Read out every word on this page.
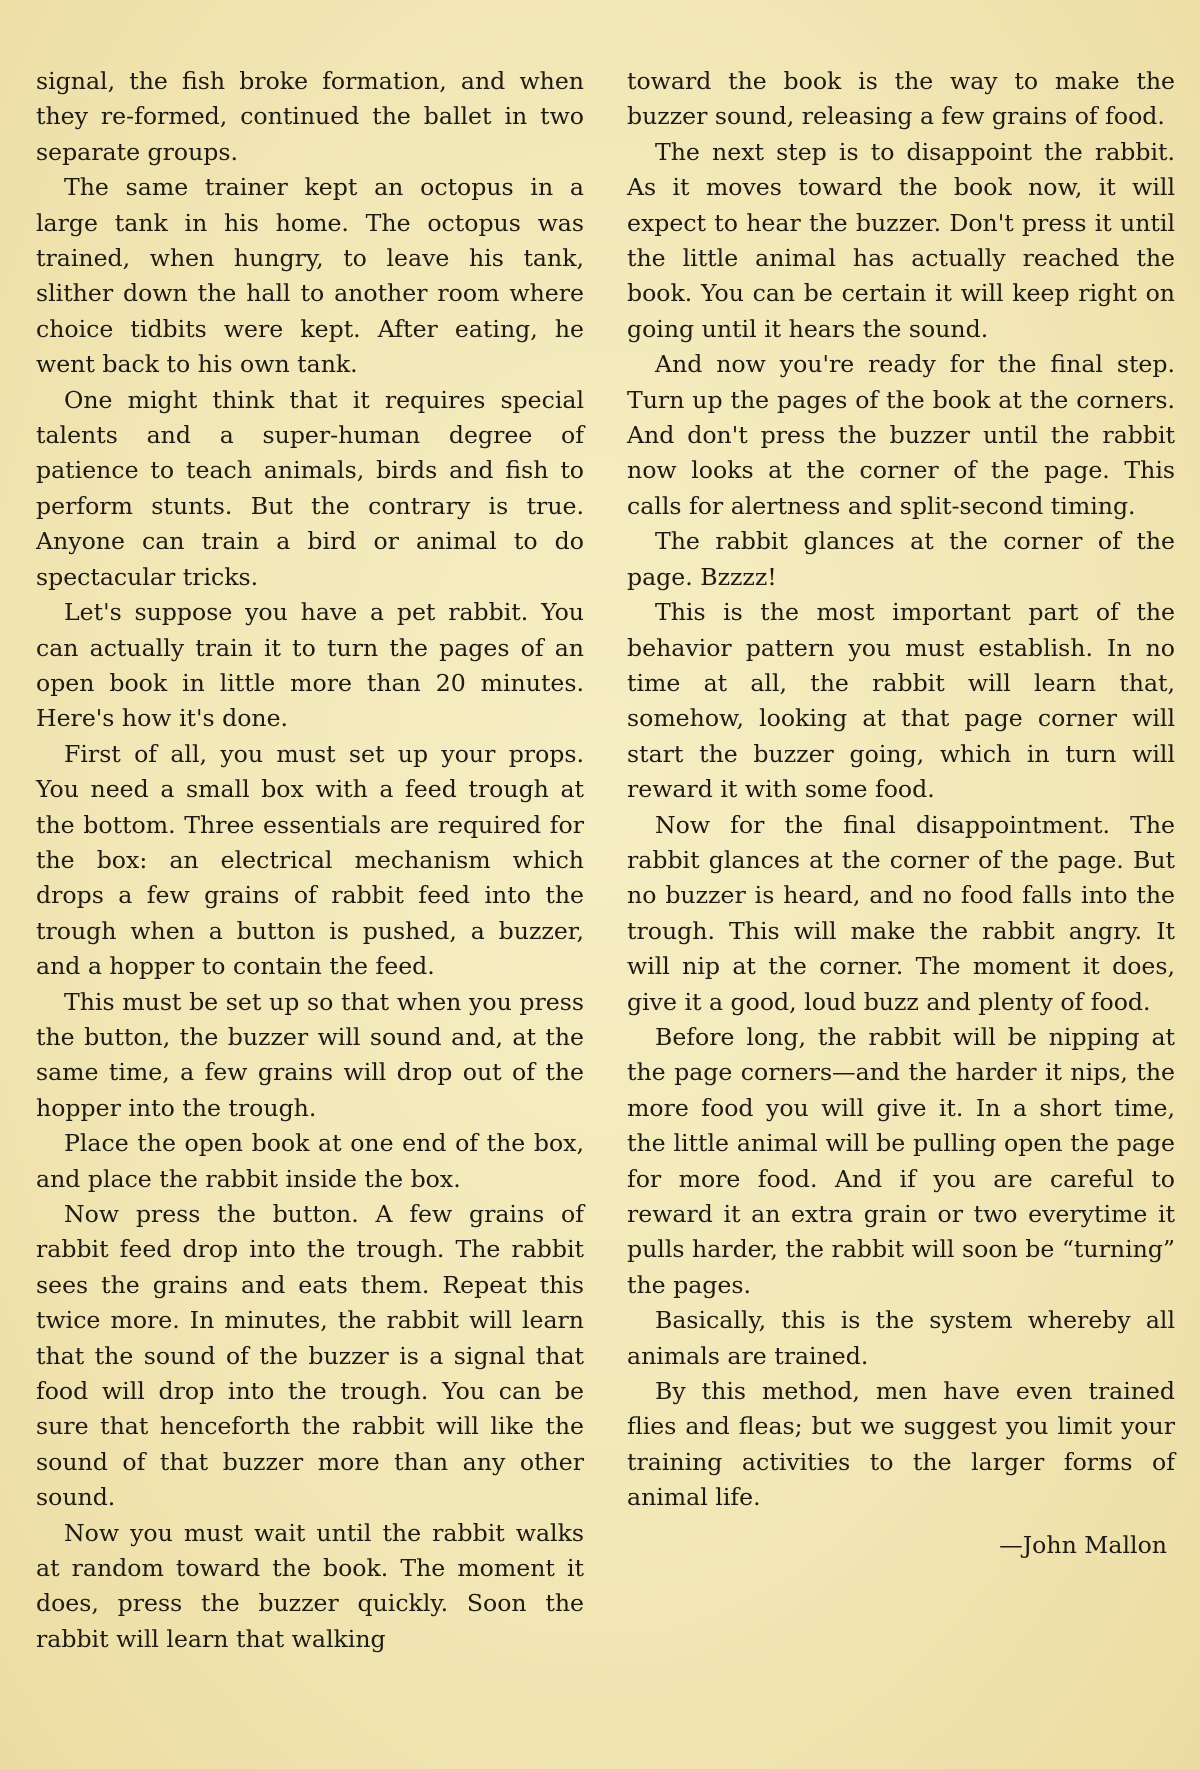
signal, the fish broke formation, and when they re-formed, continued the ballet in two separate groups.

The same trainer kept an octopus in a large tank in his home. The octopus was trained, when hungry, to leave his tank, slither down the hall to another room where choice tidbits were kept. After eating, he went back to his own tank.

One might think that it requires special talents and a super-human degree of patience to teach animals, birds and fish to perform stunts. But the contrary is true. Anyone can train a bird or animal to do spectacular tricks.

Let's suppose you have a pet rabbit. You can actually train it to turn the pages of an open book in little more than 20 minutes. Here's how it's done.

First of all, you must set up your props. You need a small box with a feed trough at the bottom. Three essentials are required for the box: an electrical mechanism which drops a few grains of rabbit feed into the trough when a button is pushed, a buzzer, and a hopper to contain the feed.

This must be set up so that when you press the button, the buzzer will sound and, at the same time, a few grains will drop out of the hopper into the trough.

Place the open book at one end of the box, and place the rabbit inside the box.

Now press the button. A few grains of rabbit feed drop into the trough. The rabbit sees the grains and eats them. Repeat this twice more. In minutes, the rabbit will learn that the sound of the buzzer is a signal that food will drop into the trough. You can be sure that henceforth the rabbit will like the sound of that buzzer more than any other sound.

Now you must wait until the rabbit walks at random toward the book. The moment it does, press the buzzer quickly. Soon the rabbit will learn that walking

toward the book is the way to make the buzzer sound, releasing a few grains of food.

The next step is to disappoint the rabbit. As it moves toward the book now, it will expect to hear the buzzer. Don't press it until the little animal has actually reached the book. You can be certain it will keep right on going until it hears the sound.

And now you're ready for the final step. Turn up the pages of the book at the corners. And don't press the buzzer until the rabbit now looks at the corner of the page. This calls for alertness and split-second timing.

The rabbit glances at the corner of the page. Bzzzz!

This is the most important part of the behavior pattern you must establish. In no time at all, the rabbit will learn that, somehow, looking at that page corner will start the buzzer going, which in turn will reward it with some food.

Now for the final disappointment. The rabbit glances at the corner of the page. But no buzzer is heard, and no food falls into the trough. This will make the rabbit angry. It will nip at the corner. The moment it does, give it a good, loud buzz and plenty of food.

Before long, the rabbit will be nipping at the page corners—and the harder it nips, the more food you will give it. In a short time, the little animal will be pulling open the page for more food. And if you are careful to reward it an extra grain or two everytime it pulls harder, the rabbit will soon be “turning” the pages.

Basically, this is the system whereby all animals are trained.

By this method, men have even trained flies and fleas; but we suggest you limit your training activities to the larger forms of animal life.

—John Mallon
